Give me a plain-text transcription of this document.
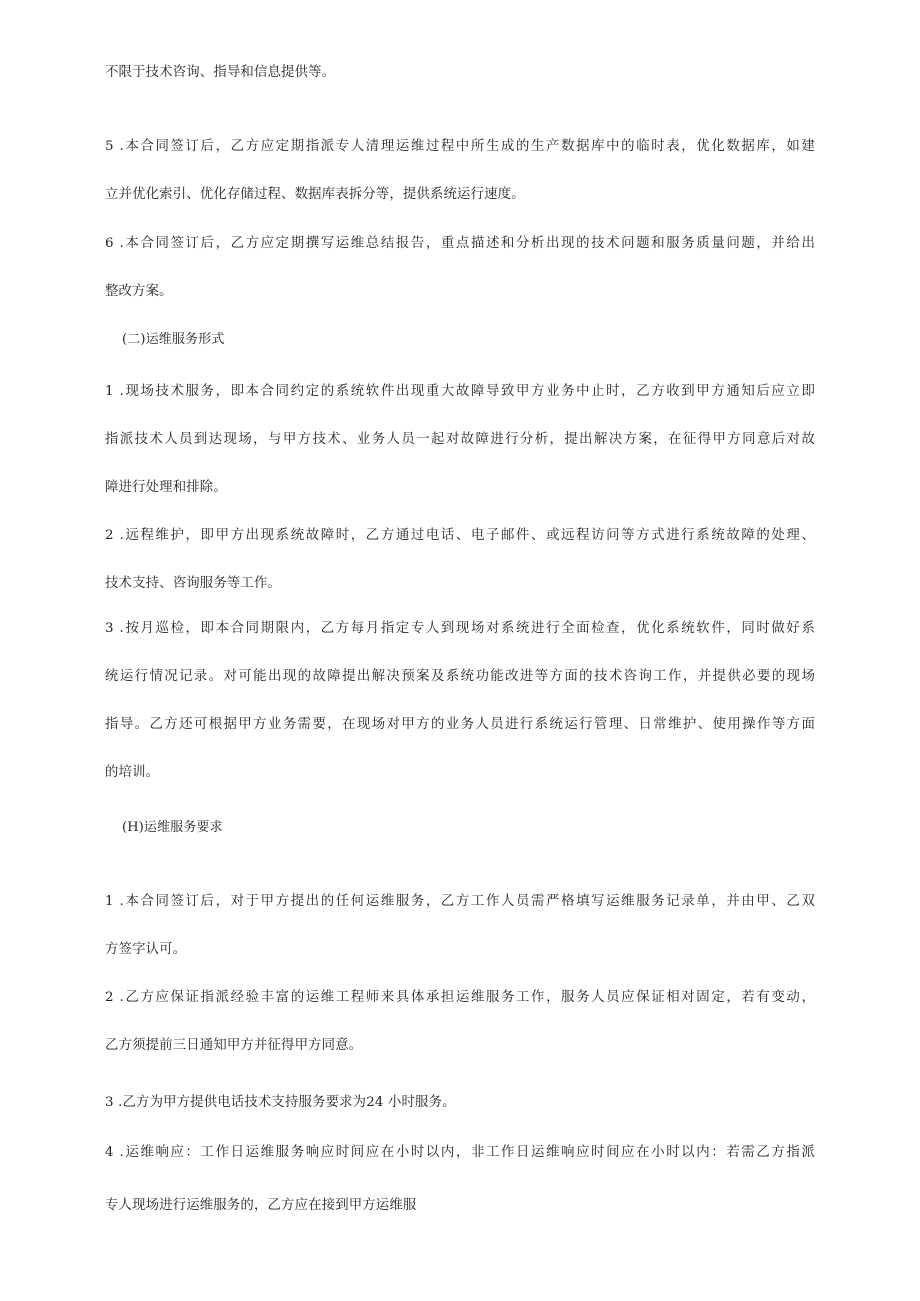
不限于技术咨询、指导和信息提供等。
5 .本合同签订后，乙方应定期指派专人清理运维过程中所生成的生产数据库中的临时表，优化数据库，如建
立并优化索引、优化存储过程、数据库表拆分等，提供系统运行速度。
6 .本合同签订后，乙方应定期撰写运维总结报告，重点描述和分析出现的技术问题和服务质量问题，并给出
整改方案。
(二)运维服务形式
1 .现场技术服务，即本合同约定的系统软件出现重大故障导致甲方业务中止时，乙方收到甲方通知后应立即
指派技术人员到达现场，与甲方技术、业务人员一起对故障进行分析，提出解决方案，在征得甲方同意后对故
障进行处理和排除。
2 .远程维护，即甲方出现系统故障时，乙方通过电话、电子邮件、或远程访问等方式进行系统故障的处理、
技术支持、咨询服务等工作。
3 .按月巡检，即本合同期限内，乙方每月指定专人到现场对系统进行全面检查，优化系统软件，同时做好系
统运行情况记录。对可能出现的故障提出解决预案及系统功能改进等方面的技术咨询工作，并提供必要的现场
指导。乙方还可根据甲方业务需要，在现场对甲方的业务人员进行系统运行管理、日常维护、使用操作等方面
的培训。
(H)运维服务要求
1 .本合同签订后，对于甲方提出的任何运维服务，乙方工作人员需严格填写运维服务记录单，并由甲、乙双
方签字认可。
2 .乙方应保证指派经验丰富的运维工程师来具体承担运维服务工作，服务人员应保证相对固定，若有变动，
乙方须提前三日通知甲方并征得甲方同意。
3 .乙方为甲方提供电话技术支持服务要求为24 小时服务。
4 .运维响应：工作日运维服务响应时间应在小时以内，非工作日运维响应时间应在小时以内：若需乙方指派
专人现场进行运维服务的，乙方应在接到甲方运维服
